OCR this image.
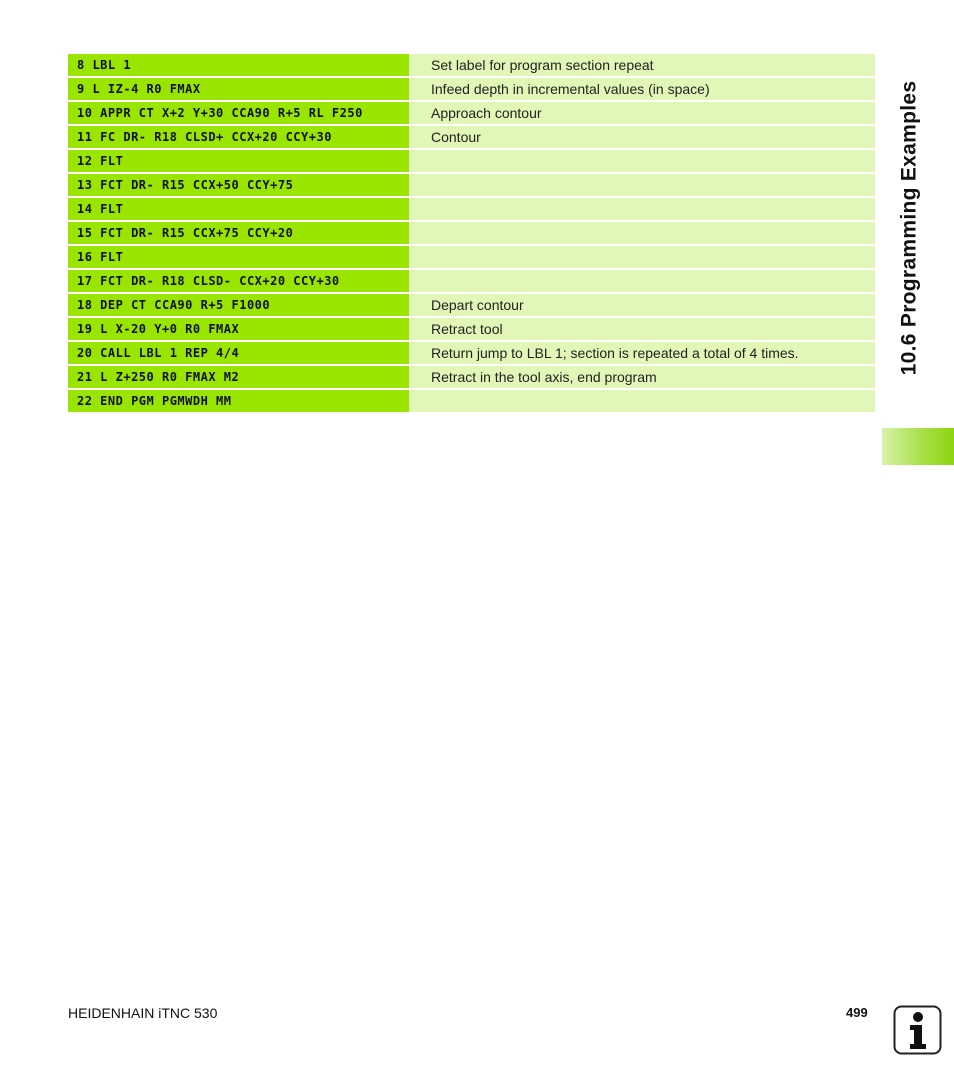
8 LBL 1	Set label for program section repeat
9 L IZ-4 R0 FMAX	Infeed depth in incremental values (in space)
10 APPR CT X+2 Y+30 CCA90 R+5 RL F250	Approach contour
11 FC DR- R18 CLSD+ CCX+20 CCY+30	Contour
12 FLT
13 FCT DR- R15 CCX+50 CCY+75
14 FLT
15 FCT DR- R15 CCX+75 CCY+20
16 FLT
17 FCT DR- R18 CLSD- CCX+20 CCY+30
18 DEP CT CCA90 R+5 F1000	Depart contour
19 L X-20 Y+0 R0 FMAX	Retract tool
20 CALL LBL 1 REP 4/4	Return jump to LBL 1; section is repeated a total of 4 times.
21 L Z+250 R0 FMAX M2	Retract in the tool axis, end program
22 END PGM PGMWDH MM
10.6 Programming Examples
HEIDENHAIN iTNC 530	499
